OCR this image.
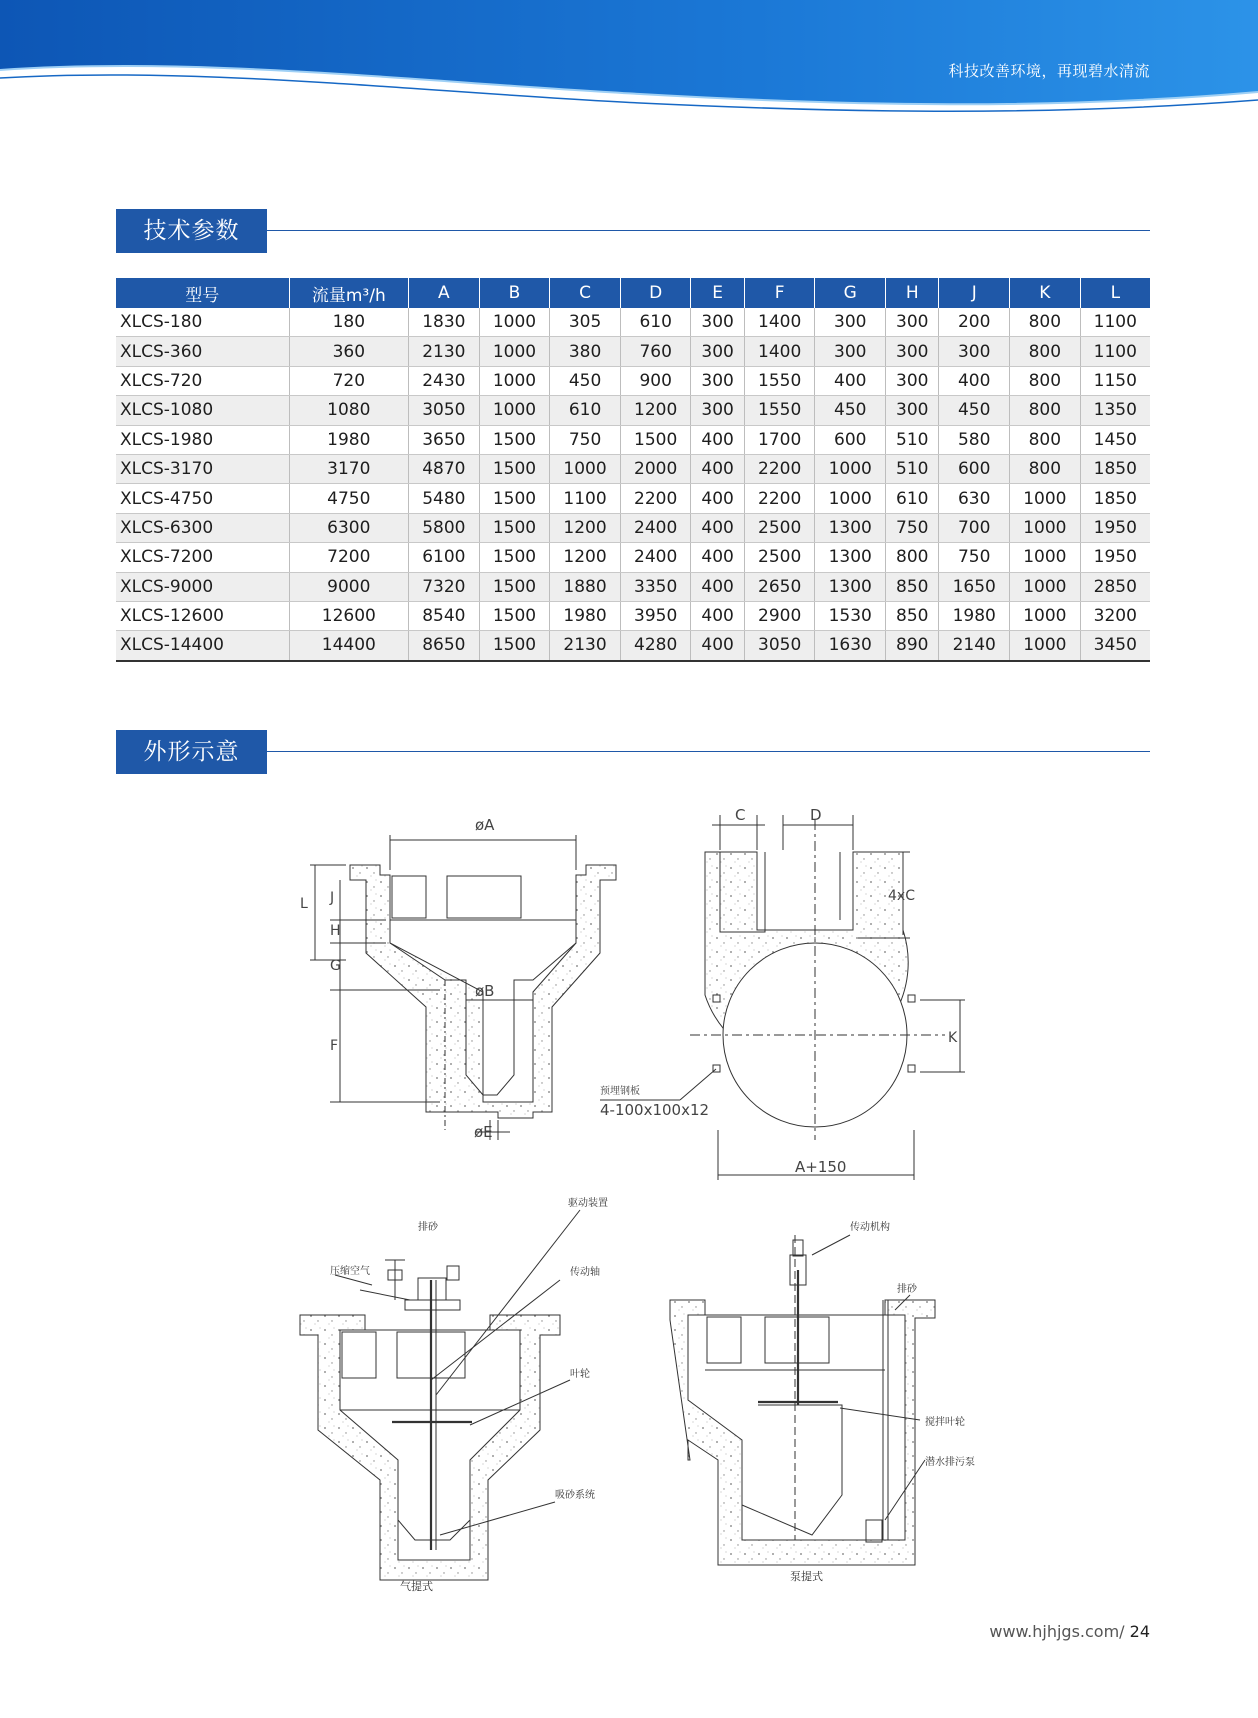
科技改善环境，再现碧水清流
技术参数
型号	流量m³/h	A	B	C	D	E	F	G	H	J	K	L
XLCS-180	180	1830	1000	305	610	300	1400	300	300	200	800	1100
XLCS-360	360	2130	1000	380	760	300	1400	300	300	300	800	1100
XLCS-720	720	2430	1000	450	900	300	1550	400	300	400	800	1150
XLCS-1080	1080	3050	1000	610	1200	300	1550	450	300	450	800	1350
XLCS-1980	1980	3650	1500	750	1500	400	1700	600	510	580	800	1450
XLCS-3170	3170	4870	1500	1000	2000	400	2200	1000	510	600	800	1850
XLCS-4750	4750	5480	1500	1100	2200	400	2200	1000	610	630	1000	1850
XLCS-6300	6300	5800	1500	1200	2400	400	2500	1300	750	700	1000	1950
XLCS-7200	7200	6100	1500	1200	2400	400	2500	1300	800	750	1000	1950
XLCS-9000	9000	7320	1500	1880	3350	400	2650	1300	850	1650	1000	2850
XLCS-12600	12600	8540	1500	1980	3950	400	2900	1530	850	1980	1000	3200
XLCS-14400	14400	8650	1500	2130	4280	400	3050	1630	890	2140	1000	3450
外形示意
øA
øB
øE
L J
H
G
F
C	D
4xC
K
A+150
预埋钢板
4-100x100x12
排砂
压缩空气
驱动装置
传动轴
叶轮
吸砂系统
气提式
传动机构
排砂
搅拌叶轮
潜水排污泵
泵提式
www.hjhjgs.com/ 24
